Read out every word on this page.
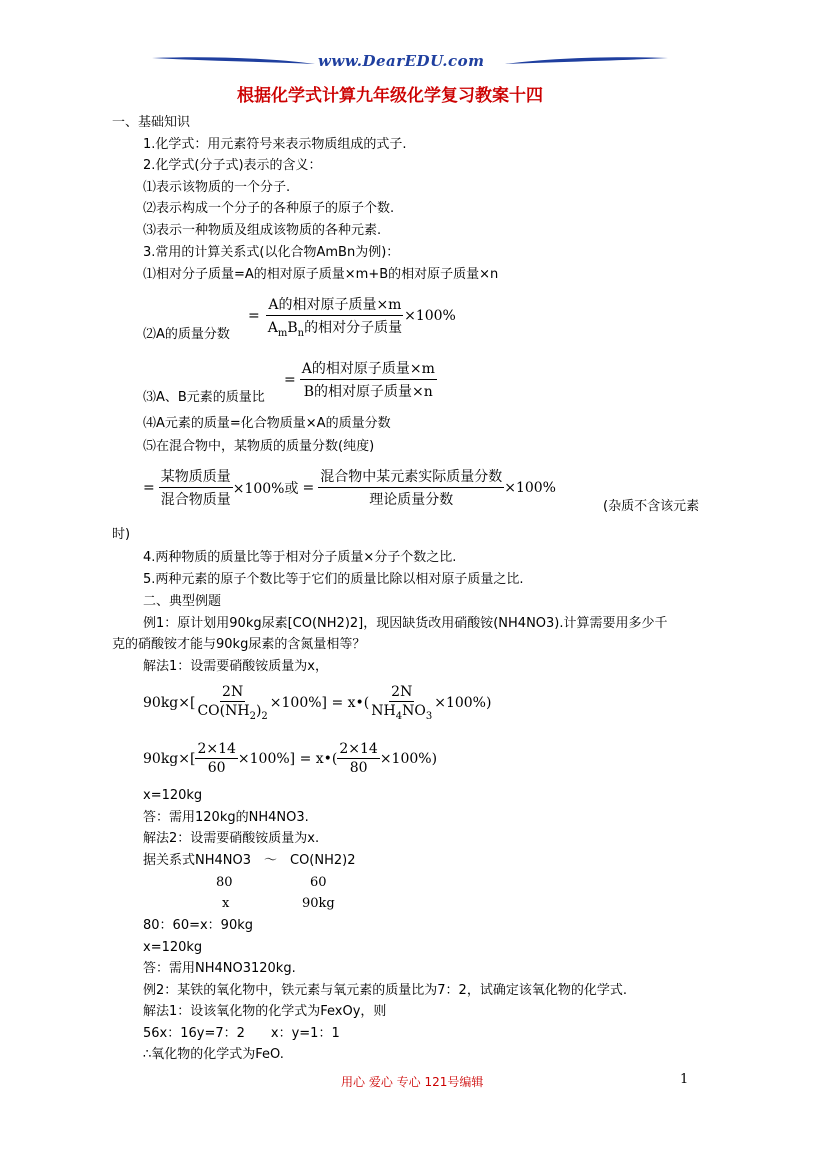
www.DearEDU.com
根据化学式计算九年级化学复习教案十四
一、基础知识
1.化学式：用元素符号来表示物质组成的式子.
2.化学式(分子式)表示的含义：
⑴表示该物质的一个分子.
⑵表示构成一个分子的各种原子的原子个数.
⑶表示一种物质及组成该物质的各种元素.
3.常用的计算关系式(以化合物AmBn为例)：
⑴相对分子质量=A的相对原子质量×m+B的相对原子质量×n
⑵A的质量分数
= $\frac{\text{A的相对原子质量×m}}{A_mB_n的相对分子质量} \times 100\%$
⑶A、B元素的质量比
= $\frac{\text{A的相对原子质量×m}}{\text{B的相对原子质量×n}}$
⑷A元素的质量=化合物质量×A的质量分数
⑸在混合物中，某物质的质量分数(纯度)
= $\frac{\text{某物质质量}}{\text{混合物质量}} \times 100\%$或 = $\frac{\text{混合物中某元素实际质量分数}}{\text{理论质量分数}} \times 100\%$
(杂质不含该元素
时)
4.两种物质的质量比等于相对分子质量×分子个数之比.
5.两种元素的原子个数比等于它们的质量比除以相对原子质量之比.
二、典型例题
例1：原计划用90kg尿素[CO(NH2)2]，现因缺货改用硝酸铵(NH4NO3).计算需要用多少千
克的硝酸铵才能与90kg尿素的含氮量相等？
解法1：设需要硝酸铵质量为x，
$90kg\times[ \frac{2N}{CO(NH_2)_2} \times 100\%]$ = x•( $\frac{2N}{NH_4NO_3} \times 100\%$)
$90kg\times[ \frac{2\times 14}{60} \times 100\%]$ = x•( $\frac{2\times 14}{80} \times 100\%$)
x=120kg
答：需用120kg的NH4NO3.
解法2：设需要硝酸铵质量为x.
据关系式NH4NO3　～　CO(NH2)2
80	60
x	90kg
80：60=x：90kg
x=120kg
答：需用NH4NO3120kg.
例2：某铁的氧化物中，铁元素与氧元素的质量比为7：2，试确定该氧化物的化学式.
解法1：设该氧化物的化学式为FexOy，则
56x：16y=7：2　　x：y=1：1
∴氧化物的化学式为FeO.
用心 爱心 专心 121号编辑	1
